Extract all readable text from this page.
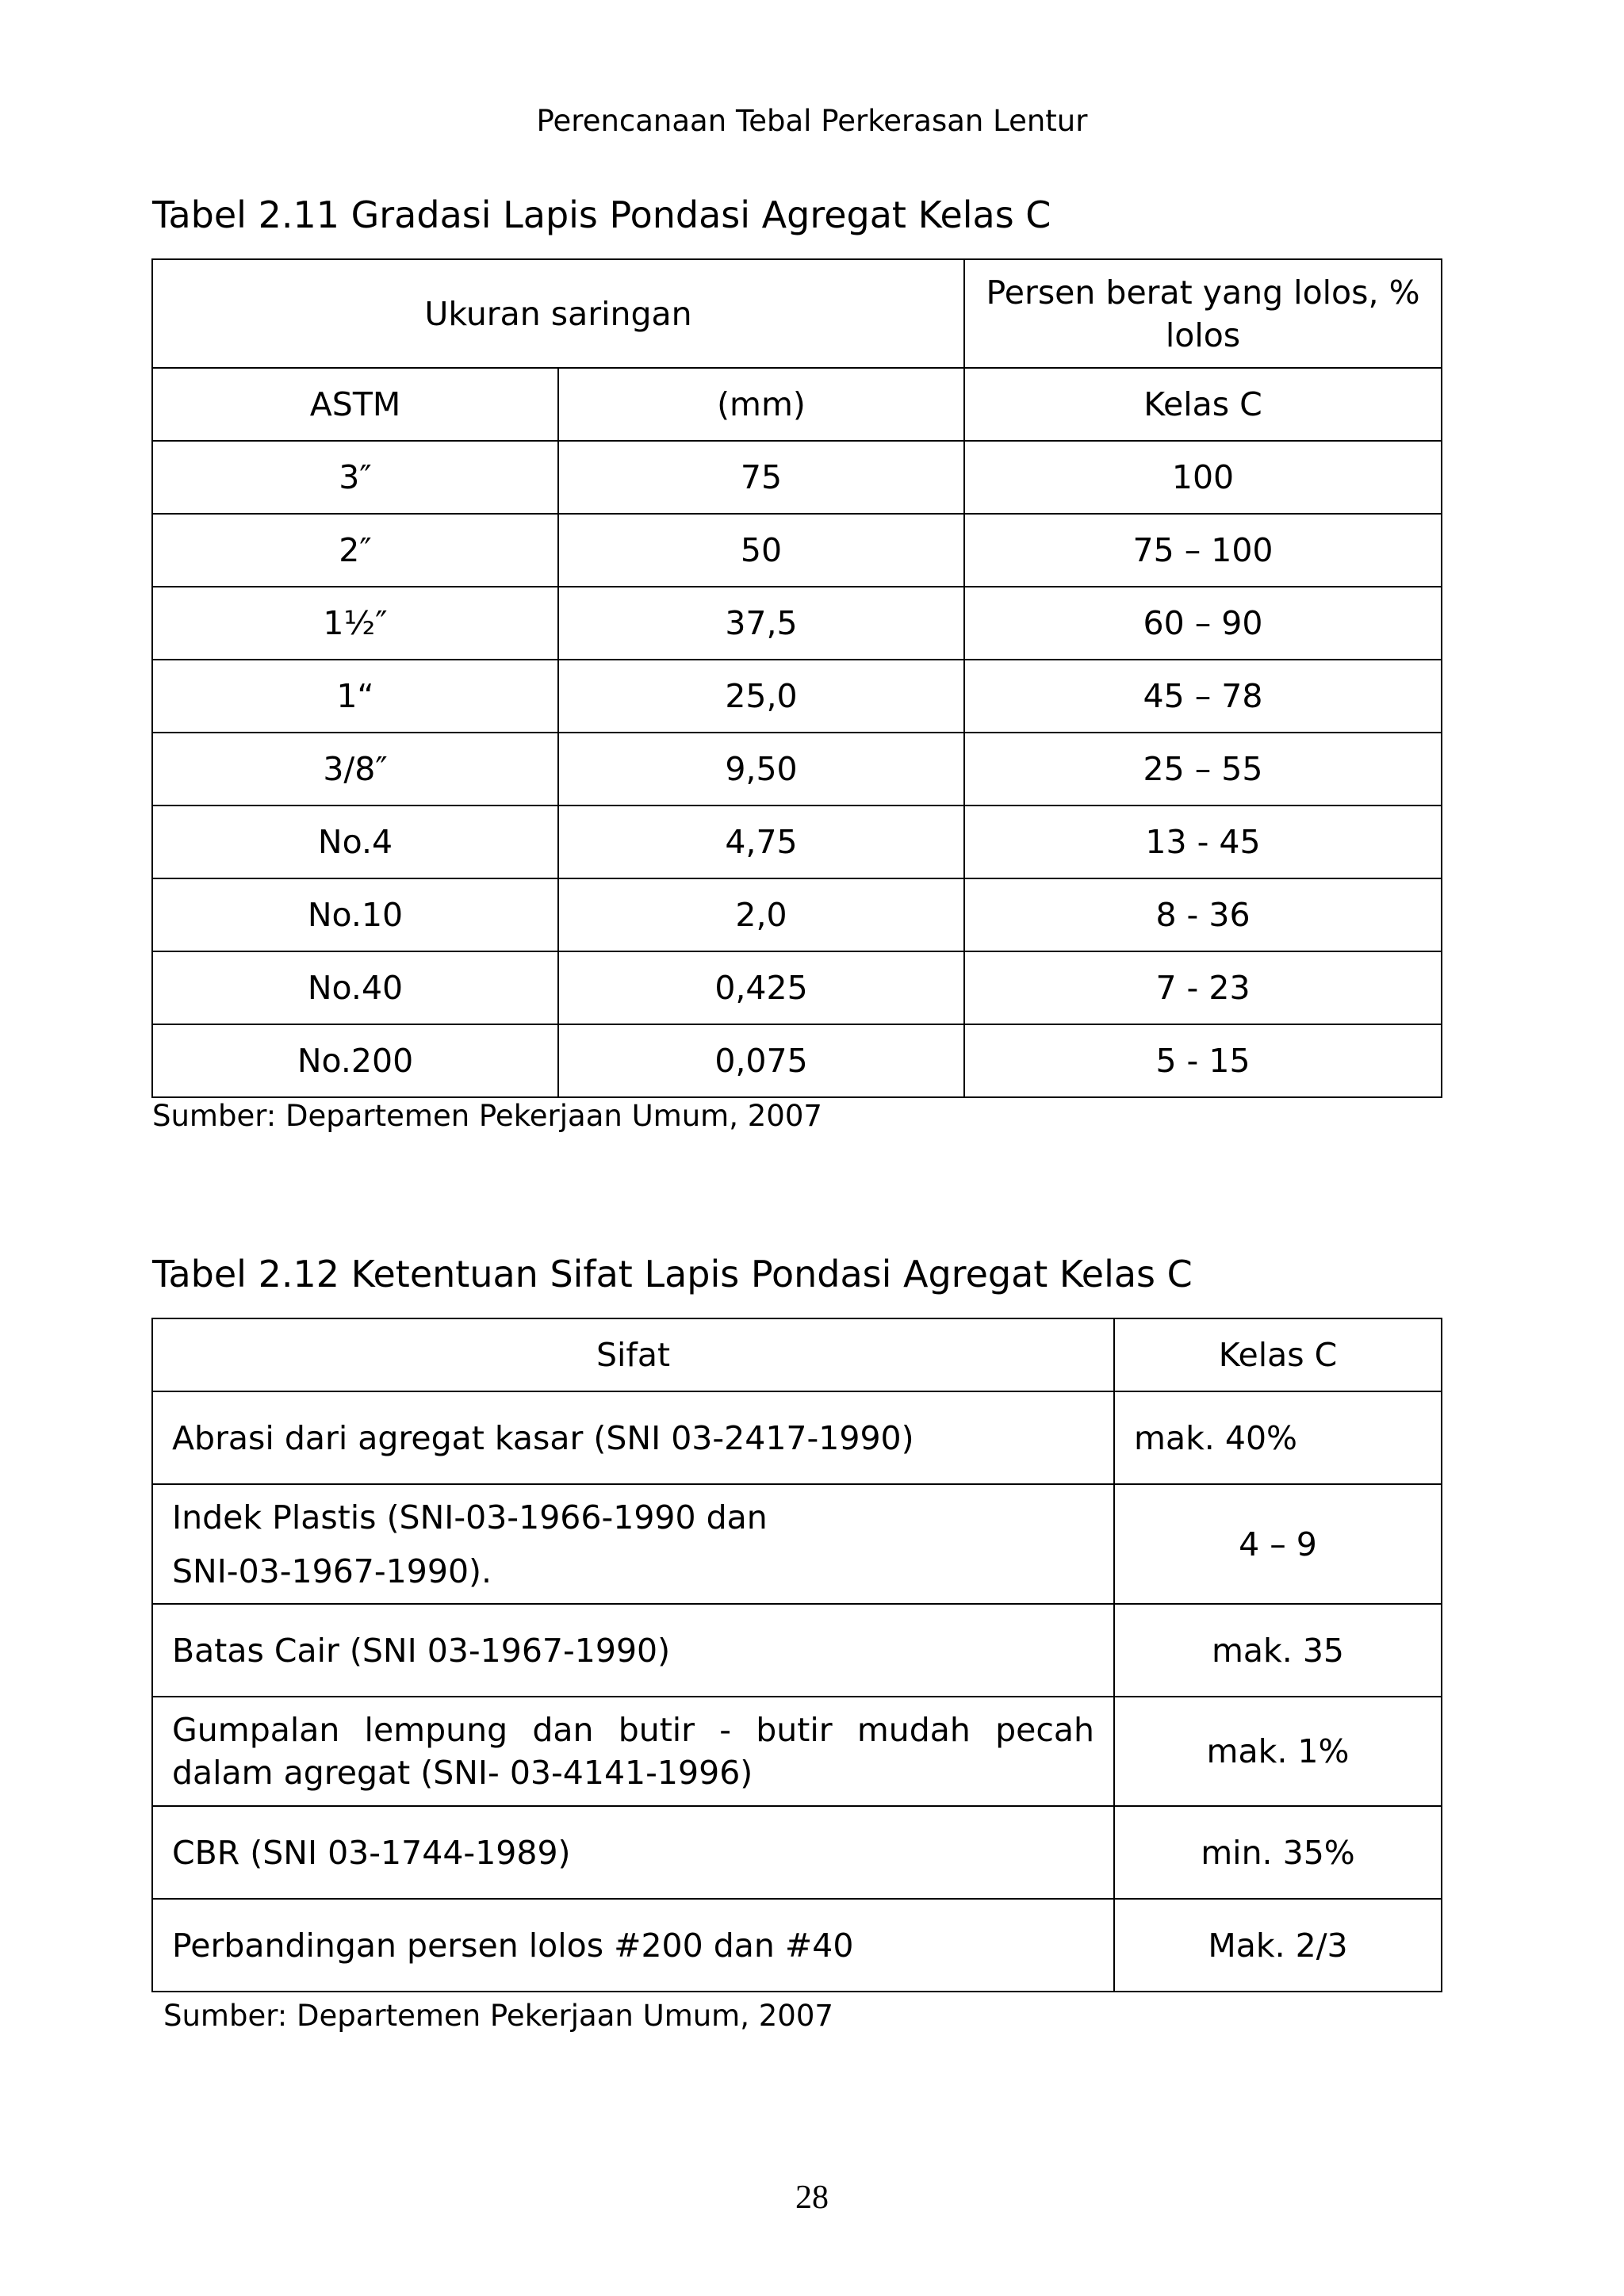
Perencanaan Tebal Perkerasan Lentur
Tabel 2.11 Gradasi Lapis Pondasi Agregat Kelas C
Ukuran saringan		Persen berat yang lolos, % lolos
ASTM	(mm)	Kelas C
3″	75	100
2″	50	75 – 100
1½″	37,5	60 – 90
1“	25,0	45 – 78
3/8″	9,50	25 – 55
No.4	4,75	13 - 45
No.10	2,0	8 - 36
No.40	0,425	7 - 23
No.200	0,075	5 - 15
Sumber: Departemen Pekerjaan Umum, 2007
Tabel 2.12 Ketentuan Sifat Lapis Pondasi Agregat Kelas C
Sifat	Kelas C
Abrasi dari agregat kasar (SNI 03-2417-1990)	mak. 40%

Indek Plastis (SNI-03-1966-1990 dan
SNI-03-1967-1990).	4 – 9
Batas Cair (SNI 03-1967-1990)	mak. 35
Gumpalan lempung dan butir - butir mudah pecah dalam agregat (SNI- 03-4141-1996)	mak. 1%
CBR (SNI 03-1744-1989)	min. 35%
Perbandingan persen lolos #200 dan #40	Mak. 2/3
Sumber: Departemen Pekerjaan Umum, 2007
28
